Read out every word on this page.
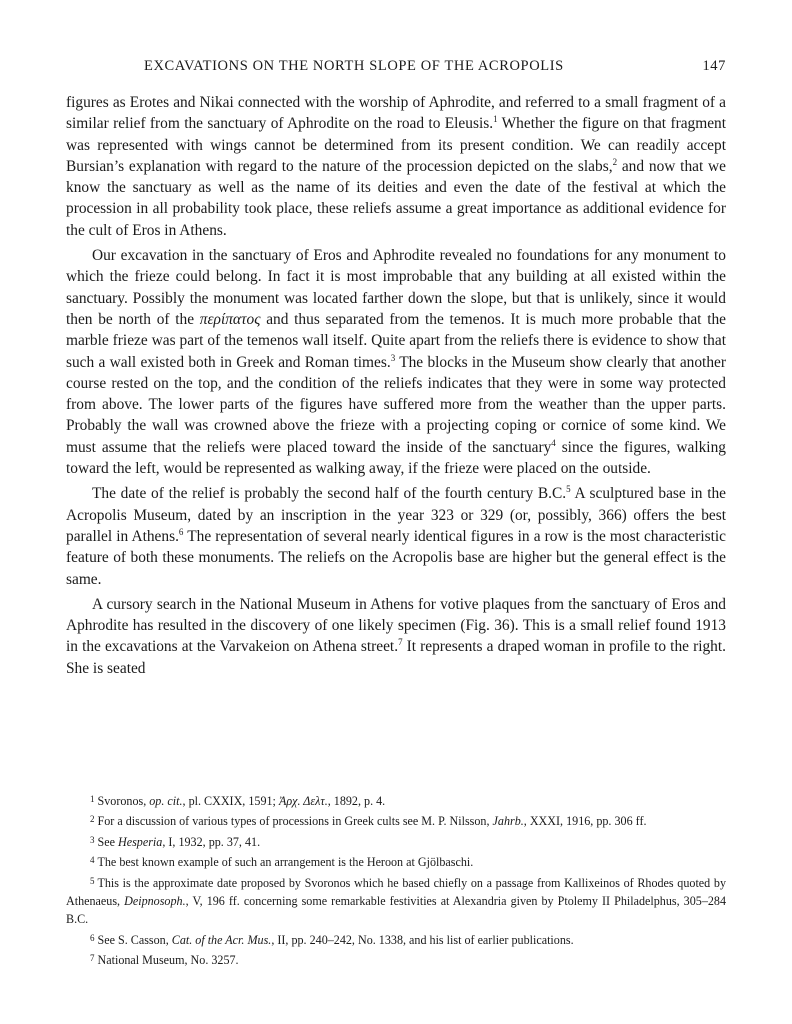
EXCAVATIONS ON THE NORTH SLOPE OF THE ACROPOLIS	147

figures as Erotes and Nikai connected with the worship of Aphrodite, and referred to a small fragment of a similar relief from the sanctuary of Aphrodite on the road to Eleusis.$^1$ Whether the figure on that fragment was represented with wings cannot be determined from its present condition. We can readily accept Bursian’s explanation with regard to the nature of the procession depicted on the slabs,$^2$ and now that we know the sanctuary as well as the name of its deities and even the date of the festival at which the procession in all probability took place, these reliefs assume a great importance as additional evidence for the cult of Eros in Athens.

Our excavation in the sanctuary of Eros and Aphrodite revealed no foundations for any monument to which the frieze could belong. In fact it is most improbable that any building at all existed within the sanctuary. Possibly the monument was located farther down the slope, but that is unlikely, since it would then be north of the περίπατος and thus separated from the temenos. It is much more probable that the marble frieze was part of the temenos wall itself. Quite apart from the reliefs there is evidence to show that such a wall existed both in Greek and Roman times.$^3$ The blocks in the Museum show clearly that another course rested on the top, and the condition of the reliefs indicates that they were in some way protected from above. The lower parts of the figures have suffered more from the weather than the upper parts. Probably the wall was crowned above the frieze with a projecting coping or cornice of some kind. We must assume that the reliefs were placed toward the inside of the sanctuary$^4$ since the figures, walking toward the left, would be represented as walking away, if the frieze were placed on the outside.

The date of the relief is probably the second half of the fourth century B.C.$^5$ A sculptured base in the Acropolis Museum, dated by an inscription in the year 323 or 329 (or, possibly, 366) offers the best parallel in Athens.$^6$ The representation of several nearly identical figures in a row is the most characteristic feature of both these monuments. The reliefs on the Acropolis base are higher but the general effect is the same.

A cursory search in the National Museum in Athens for votive plaques from the sanctuary of Eros and Aphrodite has resulted in the discovery of one likely specimen (Fig. 36). This is a small relief found 1913 in the excavations at the Varvakeion on Athena street.$^7$ It represents a draped woman in profile to the right. She is seated

$^1$ Svoronos, op. cit., pl. CXXIX, 1591; Ἀρχ. Δελτ., 1892, p. 4.

$^2$ For a discussion of various types of processions in Greek cults see M. P. Nilsson, Jahrb., XXXI, 1916, pp. 306 ff.

$^3$ See Hesperia, I, 1932, pp. 37, 41.

$^4$ The best known example of such an arrangement is the Heroon at Gjölbaschi.

$^5$ This is the approximate date proposed by Svoronos which he based chiefly on a passage from Kallixeinos of Rhodes quoted by Athenaeus, Deipnosoph., V, 196 ff. concerning some remarkable festivities at Alexandria given by Ptolemy II Philadelphus, 305–284 B.C.

$^6$ See S. Casson, Cat. of the Acr. Mus., II, pp. 240–242, No. 1338, and his list of earlier publications.

$^7$ National Museum, No. 3257.
